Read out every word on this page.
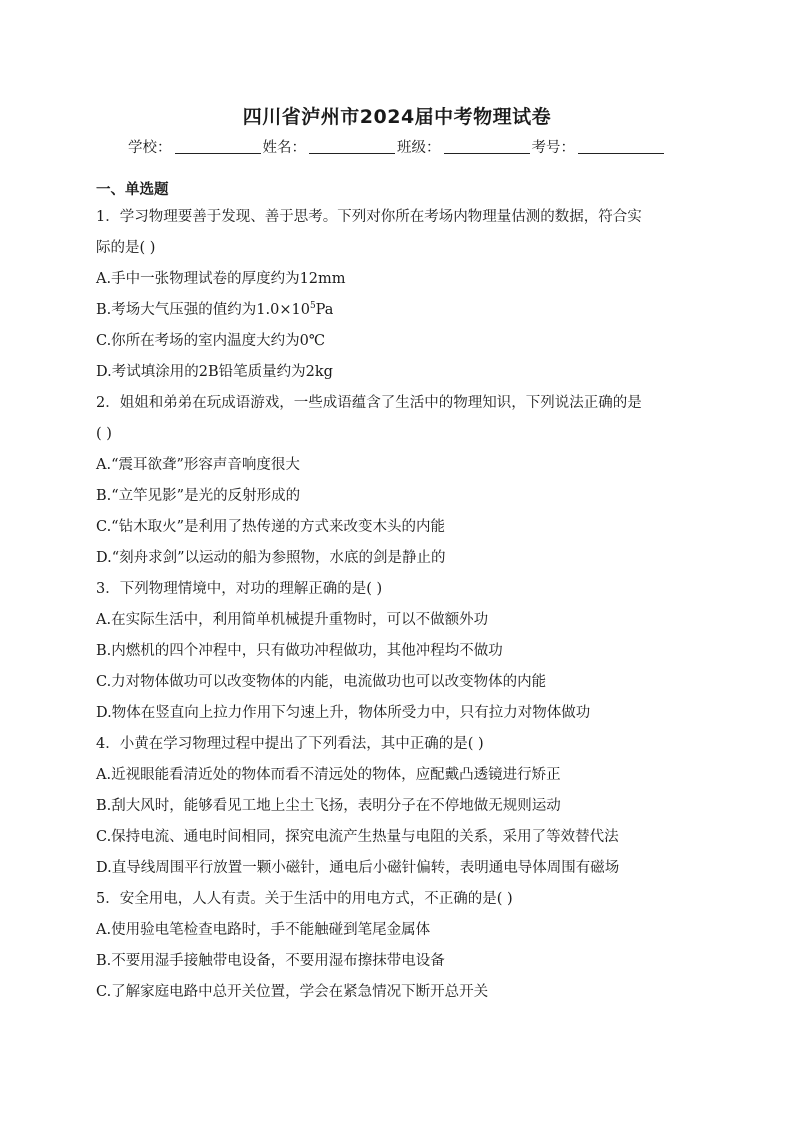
四川省泸州市2024届中考物理试卷
学校：	姓名：	班级：	考号：
一、单选题
1．学习物理要善于发现、善于思考。下列对你所在考场内物理量估测的数据，符合实
际的是( )
A.手中一张物理试卷的厚度约为12mm
B.考场大气压强的值约为$1.0\times 10^5Pa$
C.你所在考场的室内温度大约为0℃
D.考试填涂用的2B铅笔质量约为2kg
2．姐姐和弟弟在玩成语游戏，一些成语蕴含了生活中的物理知识，下列说法正确的是
( )
A.“震耳欲聋”形容声音响度很大
B.“立竿见影”是光的反射形成的
C.“钻木取火”是利用了热传递的方式来改变木头的内能
D.“刻舟求剑”以运动的船为参照物，水底的剑是静止的
3．下列物理情境中，对功的理解正确的是( )
A.在实际生活中，利用简单机械提升重物时，可以不做额外功
B.内燃机的四个冲程中，只有做功冲程做功，其他冲程均不做功
C.力对物体做功可以改变物体的内能，电流做功也可以改变物体的内能
D.物体在竖直向上拉力作用下匀速上升，物体所受力中，只有拉力对物体做功
4．小黄在学习物理过程中提出了下列看法，其中正确的是( )
A.近视眼能看清近处的物体而看不清远处的物体，应配戴凸透镜进行矫正
B.刮大风时，能够看见工地上尘土飞扬，表明分子在不停地做无规则运动
C.保持电流、通电时间相同，探究电流产生热量与电阻的关系，采用了等效替代法
D.直导线周围平行放置一颗小磁针，通电后小磁针偏转，表明通电导体周围有磁场
5．安全用电，人人有责。关于生活中的用电方式，不正确的是( )
A.使用验电笔检查电路时，手不能触碰到笔尾金属体
B.不要用湿手接触带电设备，不要用湿布擦抹带电设备
C.了解家庭电路中总开关位置，学会在紧急情况下断开总开关
